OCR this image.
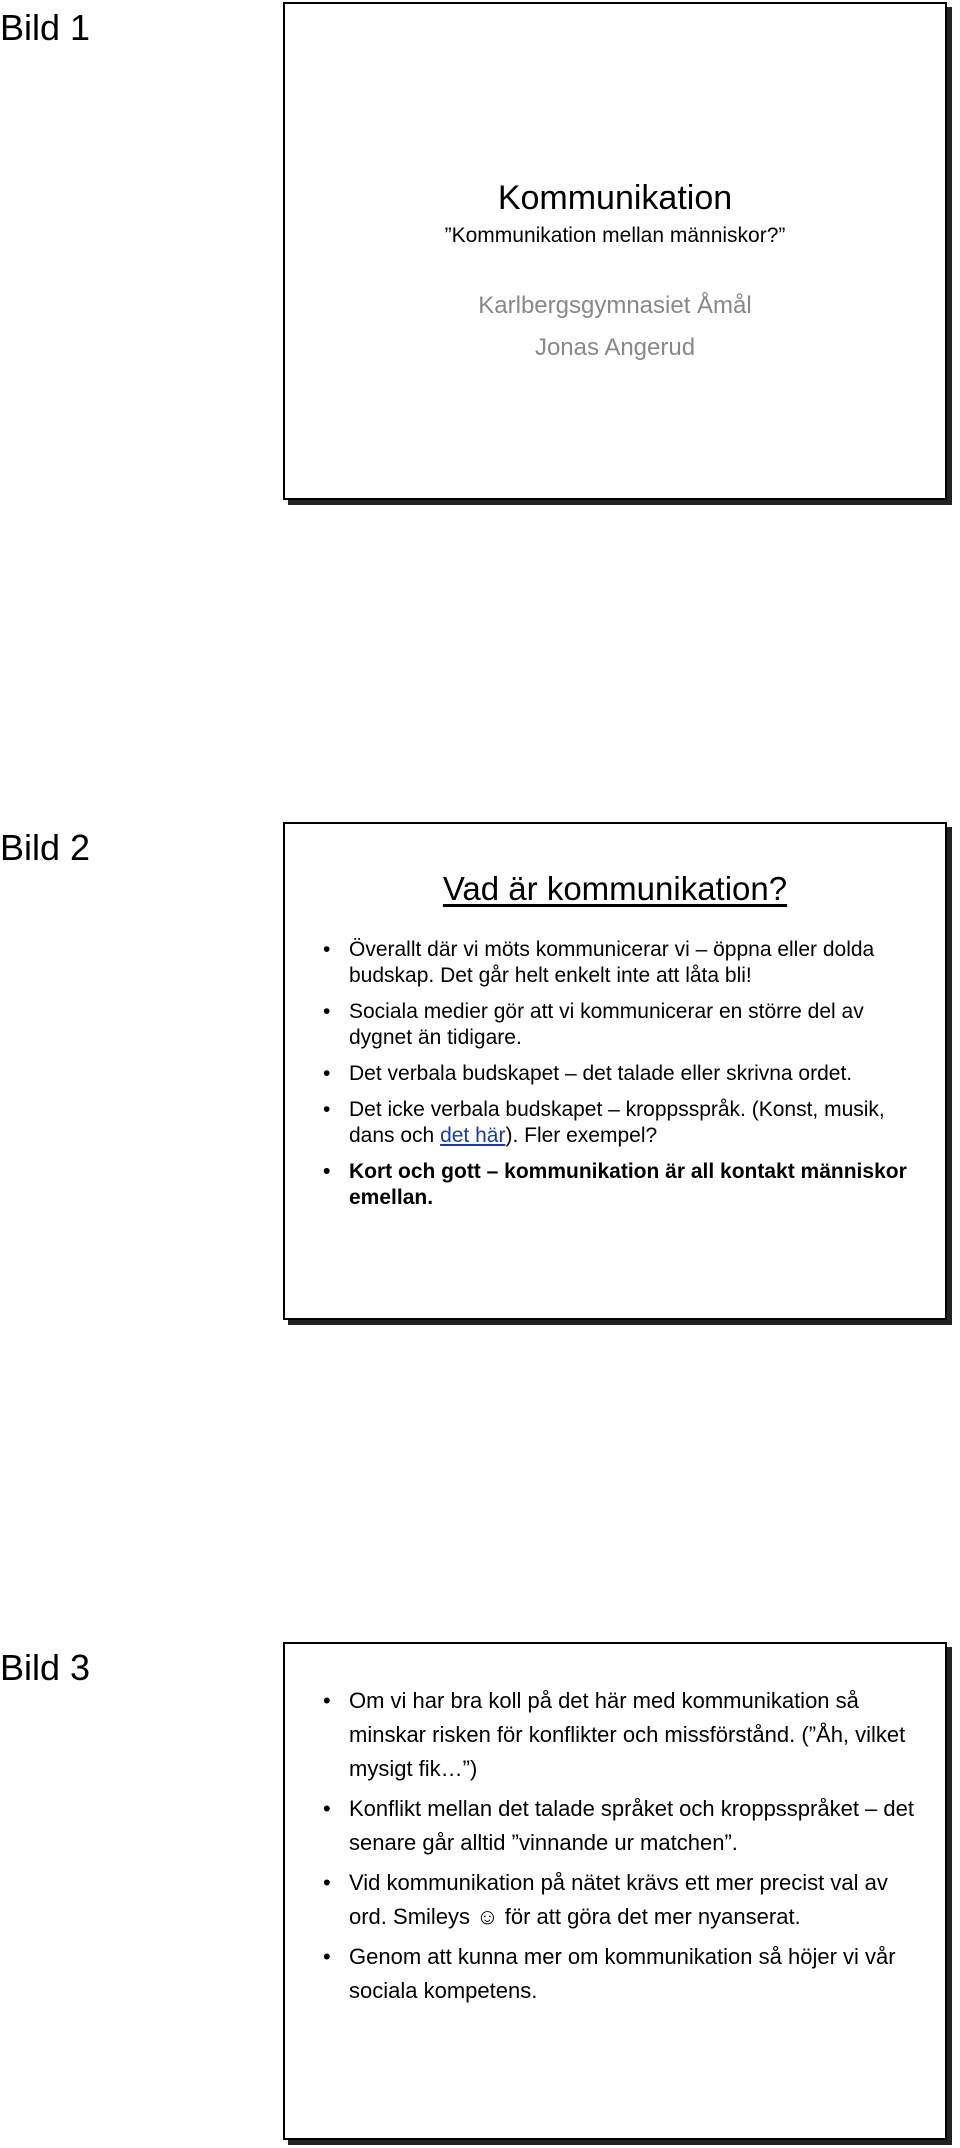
Bild 1
Kommunikation
”Kommunikation mellan människor?”
Karlbergsgymnasiet Åmål
Jonas Angerud
Bild 2
Vad är kommunikation?
• Överallt där vi möts kommunicerar vi – öppna eller dolda budskap. Det går helt enkelt inte att låta bli!
• Sociala medier gör att vi kommunicerar en större del av dygnet än tidigare.
• Det verbala budskapet – det talade eller skrivna ordet.
• Det icke verbala budskapet – kroppsspråk. (Konst, musik, dans och det här). Fler exempel?
• Kort och gott – kommunikation är all kontakt människor emellan.
Bild 3
• Om vi har bra koll på det här med kommunikation så minskar risken för konflikter och missförstånd. (”Åh, vilket mysigt fik…”)
• Konflikt mellan det talade språket och kroppsspråket – det senare går alltid ”vinnande ur matchen”.
• Vid kommunikation på nätet krävs ett mer precist val av ord. Smileys ☺ för att göra det mer nyanserat.
• Genom att kunna mer om kommunikation så höjer vi vår sociala kompetens.
